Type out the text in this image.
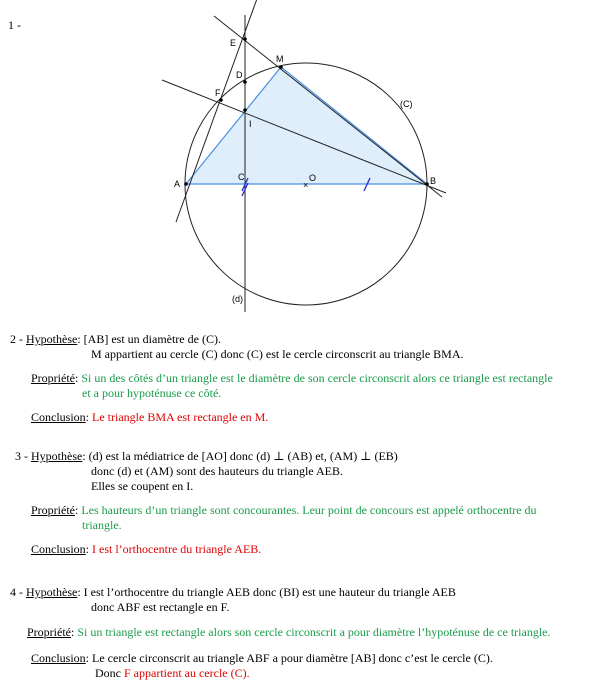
1 -
×
A	B
C
D
E
F
I
M
O
(C)
(d)
2 - Hypothèse: [AB] est un diamètre de (C).
M appartient au cercle (C) donc (C) est le cercle circonscrit au triangle BMA.
Propriété: Si un des côtés d’un triangle est le diamètre de son cercle circonscrit alors ce triangle est rectangle
et a pour hypoténuse ce côté.
Conclusion: Le triangle BMA est rectangle en M.
3 - Hypothèse: (d) est la médiatrice de [AO] donc (d) ⊥ (AB) et, (AM) ⊥ (EB)
donc (d) et (AM) sont des hauteurs du triangle AEB.
Elles se coupent en I.
Propriété: Les hauteurs d’un triangle sont concourantes. Leur point de concours est appelé orthocentre du
triangle.
Conclusion: I est l’orthocentre du triangle AEB.
4 - Hypothèse: I est l’orthocentre du triangle AEB donc (BI) est une hauteur du triangle AEB
donc ABF est rectangle en F.
Propriété: Si un triangle est rectangle alors son cercle circonscrit a pour diamètre l’hypoténuse de ce triangle.
Conclusion: Le cercle circonscrit au triangle ABF a pour diamètre [AB] donc c’est le cercle (C).
Donc F appartient au cercle (C).
